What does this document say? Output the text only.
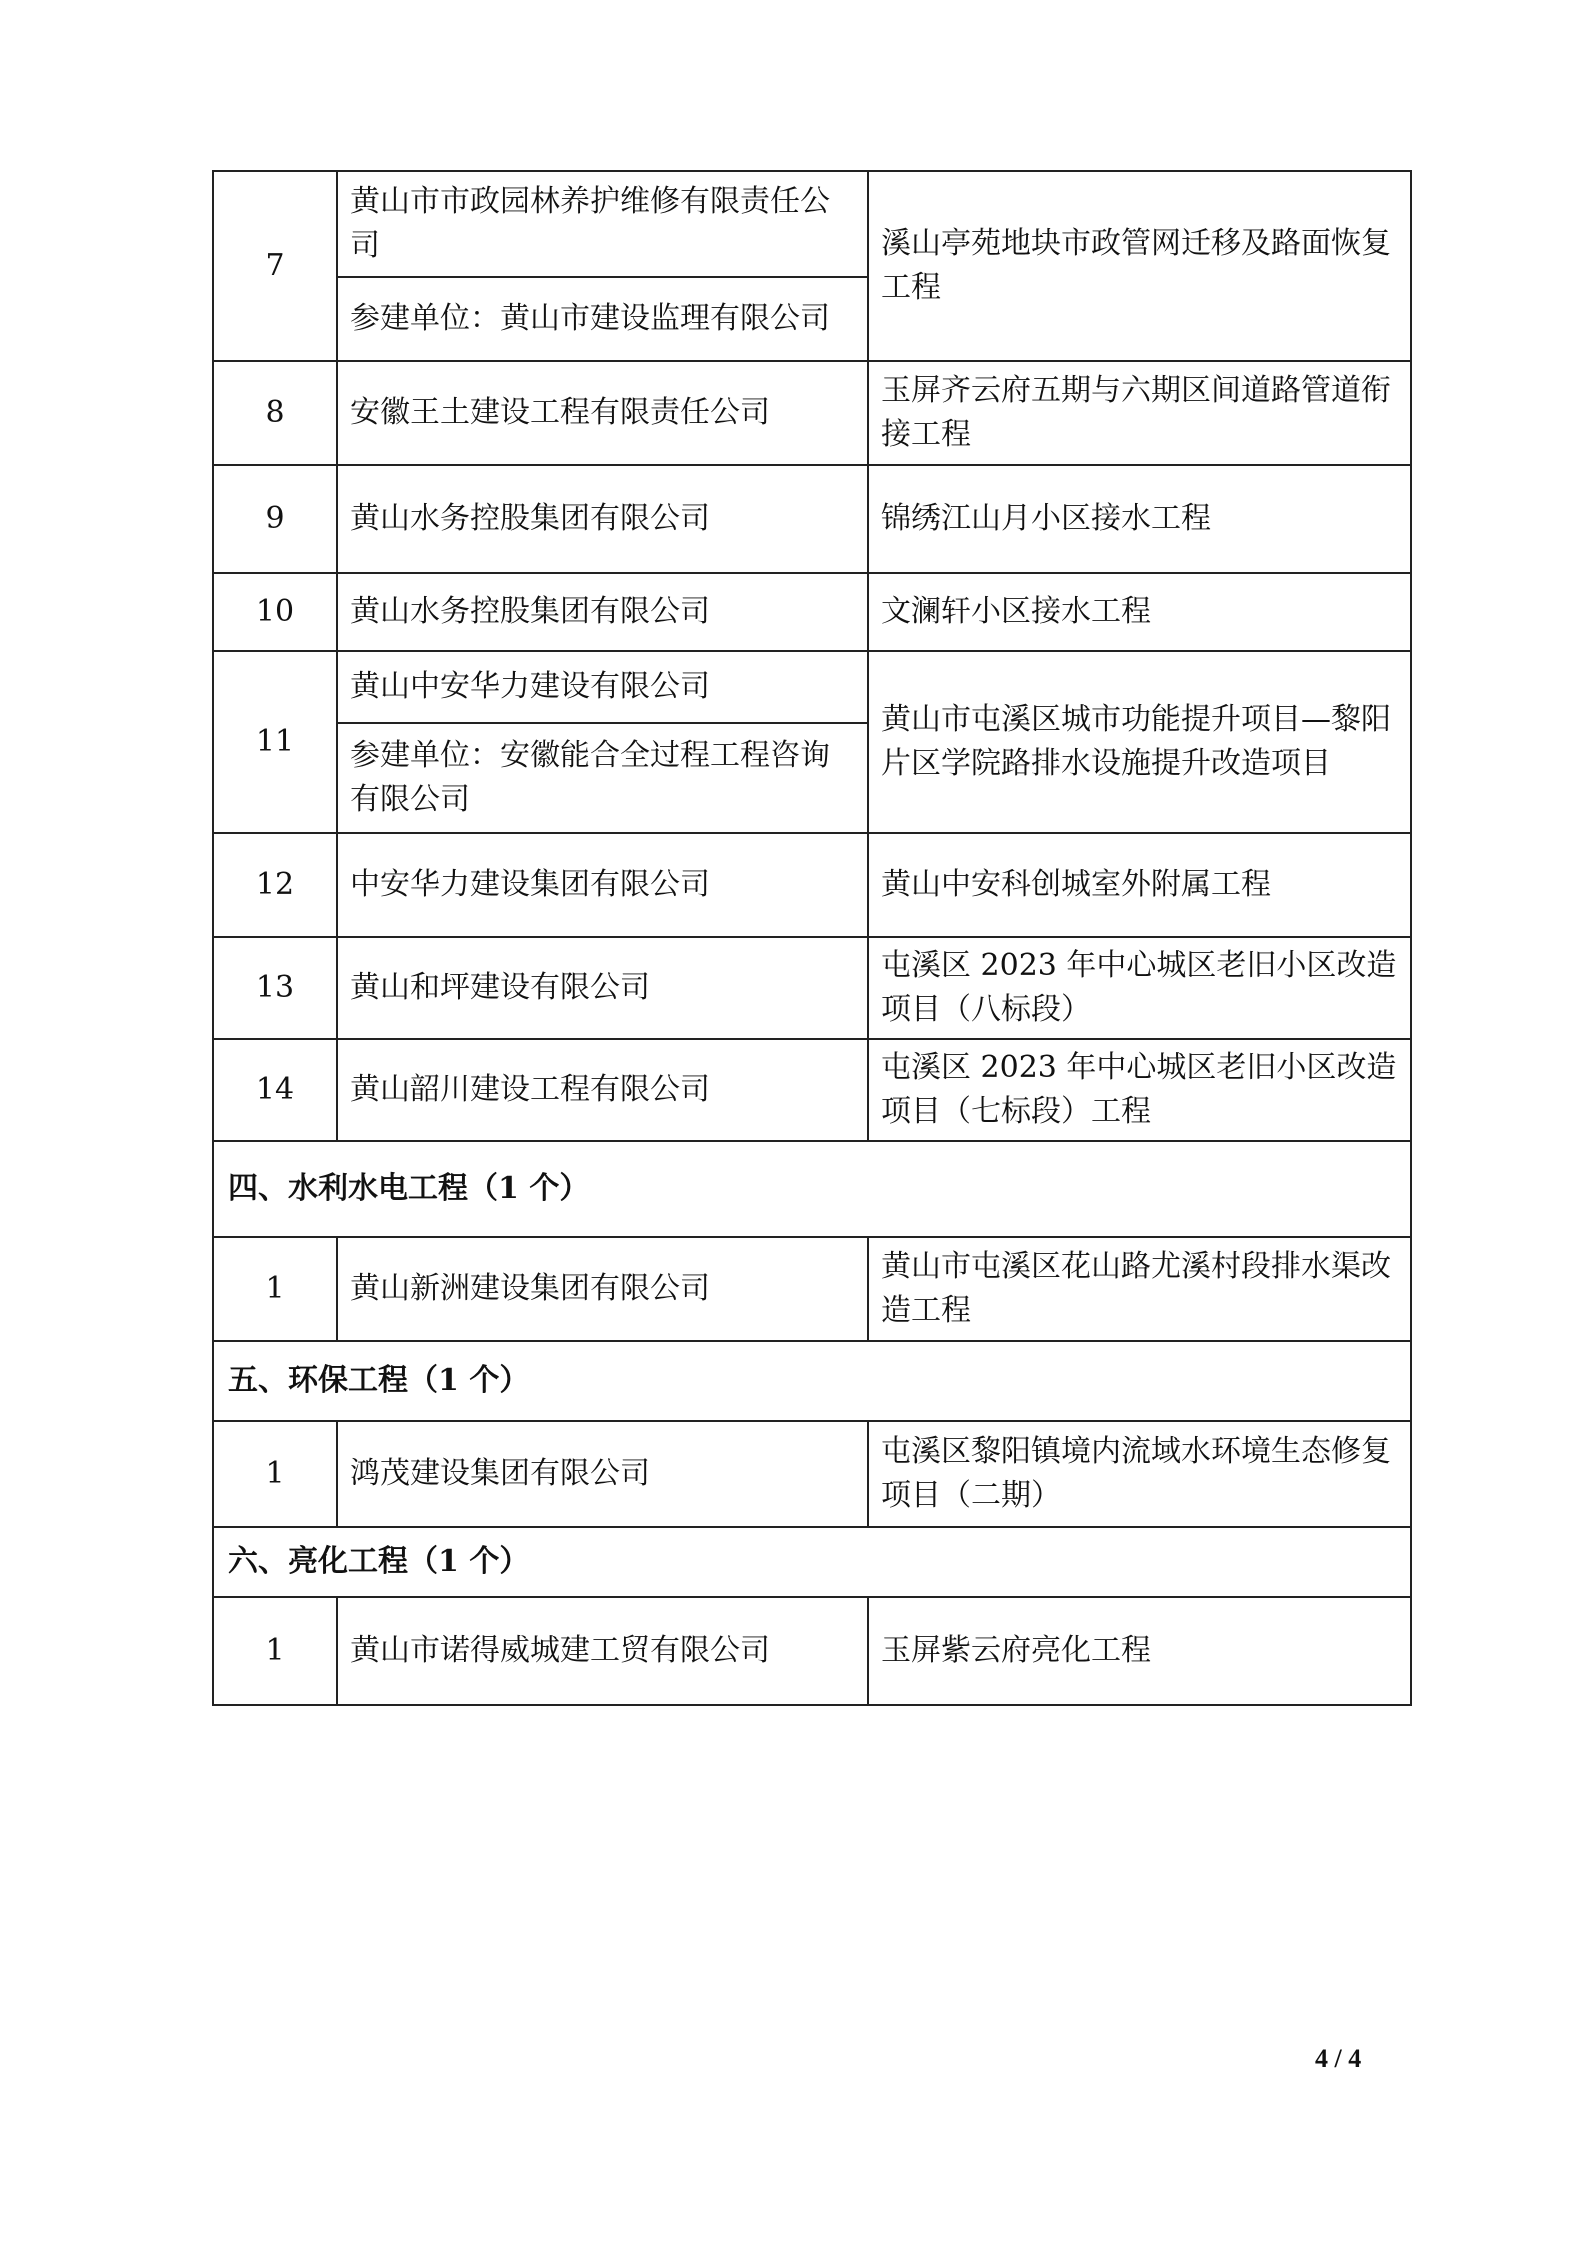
7	黄山市市政园林养护维修有限责任公司	溪山亭苑地块市政管网迁移及路面恢复工程
	参建单位：黄山市建设监理有限公司	
8	安徽王土建设工程有限责任公司	玉屏齐云府五期与六期区间道路管道衔接工程
9	黄山水务控股集团有限公司	锦绣江山月小区接水工程
10	黄山水务控股集团有限公司	文澜轩小区接水工程
11	黄山中安华力建设有限公司	黄山市屯溪区城市功能提升项目—黎阳片区学院路排水设施提升改造项目
	参建单位：安徽能合全过程工程咨询有限公司	
12	中安华力建设集团有限公司	黄山中安科创城室外附属工程
13	黄山和坪建设有限公司	屯溪区 2023 年中心城区老旧小区改造项目（八标段）
14	黄山韶川建设工程有限公司	屯溪区 2023 年中心城区老旧小区改造项目（七标段）工程
四、水利水电工程（1 个）		
1	黄山新洲建设集团有限公司	黄山市屯溪区花山路尤溪村段排水渠改造工程
五、环保工程（1 个）		
1	鸿茂建设集团有限公司	屯溪区黎阳镇境内流域水环境生态修复项目（二期）
六、亮化工程（1 个）		
1	黄山市诺得威城建工贸有限公司	玉屏紫云府亮化工程
4 / 4
